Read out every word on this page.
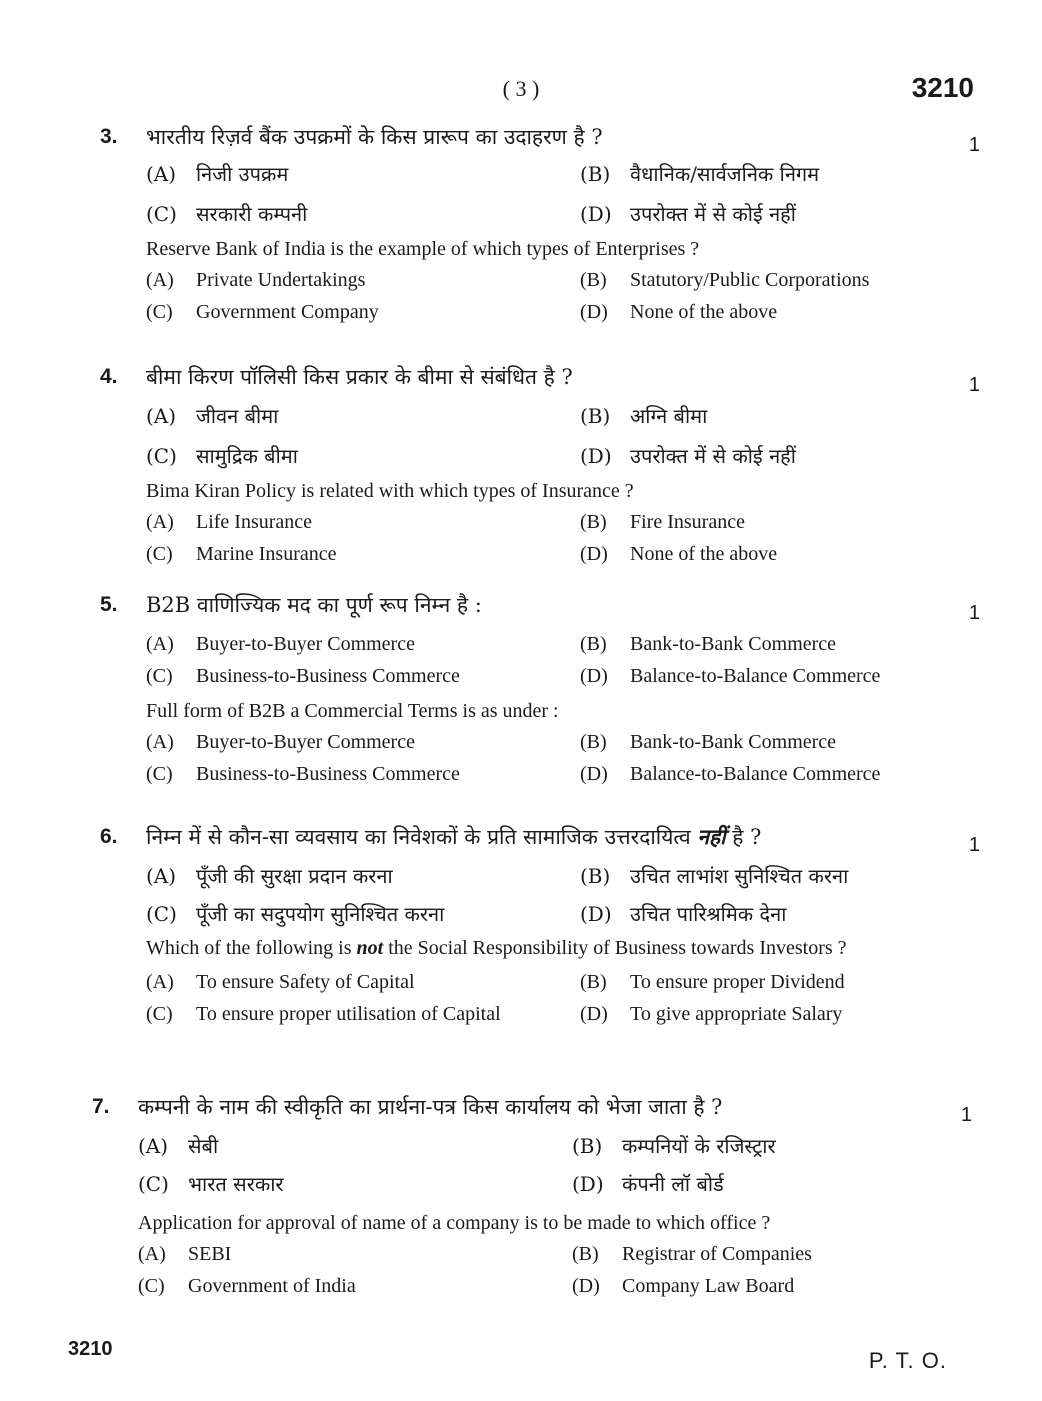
( 3 )	3210
3. भारतीय रिज़र्व बैंक उपक्रमों के किस प्रारूप का उदाहरण है ?	1
(A) निजी उपक्रम	(B) वैधानिक/सार्वजनिक निगम
(C) सरकारी कम्पनी	(D) उपरोक्त में से कोई नहीं
Reserve Bank of India is the example of which types of Enterprises ?
(A) Private Undertakings	(B) Statutory/Public Corporations
(C) Government Company	(D) None of the above
4. बीमा किरण पॉलिसी किस प्रकार के बीमा से संबंधित है ?	1
(A) जीवन बीमा	(B) अग्नि बीमा
(C) सामुद्रिक बीमा	(D) उपरोक्त में से कोई नहीं
Bima Kiran Policy is related with which types of Insurance ?
(A) Life Insurance	(B) Fire Insurance
(C) Marine Insurance	(D) None of the above
5. B2B वाणिज्यिक मद का पूर्ण रूप निम्न है :	1
(A) Buyer-to-Buyer Commerce	(B) Bank-to-Bank Commerce
(C) Business-to-Business Commerce	(D) Balance-to-Balance Commerce
Full form of B2B a Commercial Terms is as under :
(A) Buyer-to-Buyer Commerce	(B) Bank-to-Bank Commerce
(C) Business-to-Business Commerce	(D) Balance-to-Balance Commerce
6. निम्न में से कौन-सा व्यवसाय का निवेशकों के प्रति सामाजिक उत्तरदायित्व नहीं है ?	1
(A) पूँजी की सुरक्षा प्रदान करना	(B) उचित लाभांश सुनिश्चित करना
(C) पूँजी का सदुपयोग सुनिश्चित करना	(D) उचित पारिश्रमिक देना
Which of the following is not the Social Responsibility of Business towards Investors ?
(A) To ensure Safety of Capital	(B) To ensure proper Dividend
(C) To ensure proper utilisation of Capital	(D) To give appropriate Salary
7. कम्पनी के नाम की स्वीकृति का प्रार्थना-पत्र किस कार्यालय को भेजा जाता है ?	1
(A) सेबी	(B) कम्पनियों के रजिस्ट्रार
(C) भारत सरकार	(D) कंपनी लॉ बोर्ड
Application for approval of name of a company is to be made to which office ?
(A) SEBI	(B) Registrar of Companies
(C) Government of India	(D) Company Law Board
3210	P. T. O.
